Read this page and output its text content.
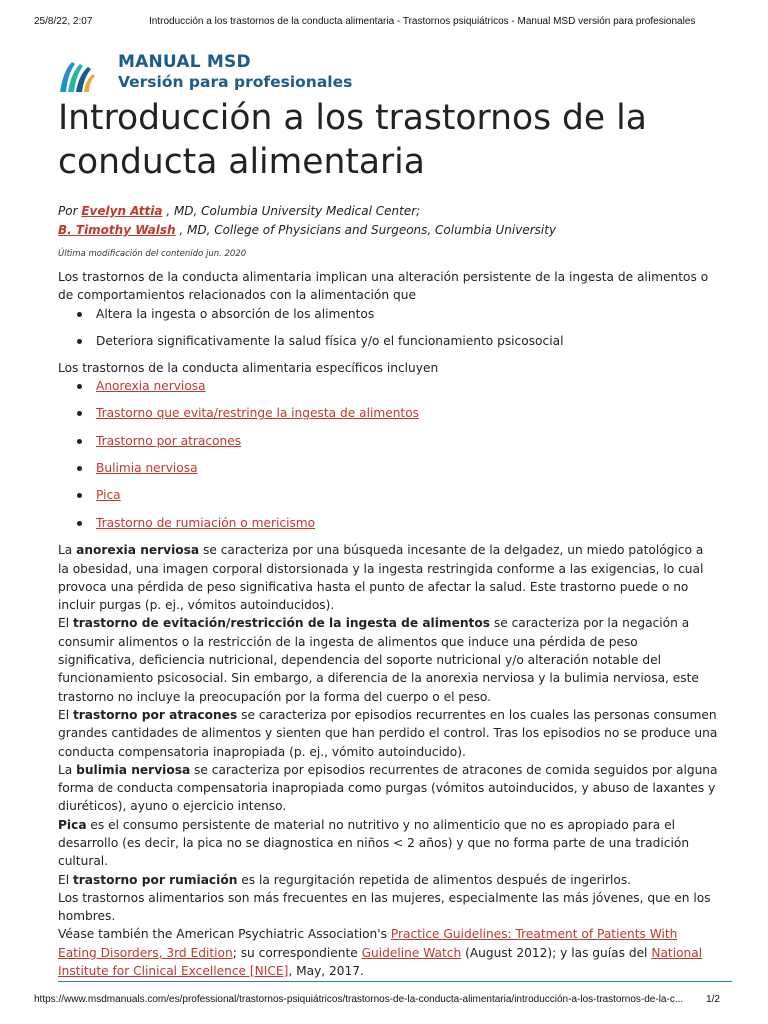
25/8/22, 2:07	Introducción a los trastornos de la conducta alimentaria - Trastornos psiquiátricos - Manual MSD versión para profesionales
MANUAL MSD
Versión para profesionales
Introducción a los trastornos de la conducta alimentaria
Por Evelyn Attia , MD, Columbia University Medical Center;
B. Timothy Walsh , MD, College of Physicians and Surgeons, Columbia University
Última modificación del contenido jun. 2020

Los trastornos de la conducta alimentaria implican una alteración persistente de la ingesta de alimentos o de comportamientos relacionados con la alimentación que

Altera la ingesta o absorción de los alimentos
Deteriora significativamente la salud física y/o el funcionamiento psicosocial

Los trastornos de la conducta alimentaria específicos incluyen

Anorexia nerviosa
Trastorno que evita/restringe la ingesta de alimentos
Trastorno por atracones
Bulimia nerviosa
Pica
Trastorno de rumiación o mericismo

La anorexia nerviosa se caracteriza por una búsqueda incesante de la delgadez, un miedo patológico a la obesidad, una imagen corporal distorsionada y la ingesta restringida conforme a las exigencias, lo cual provoca una pérdida de peso significativa hasta el punto de afectar la salud. Este trastorno puede o no incluir purgas (p. ej., vómitos autoinducidos).

El trastorno de evitación/restricción de la ingesta de alimentos se caracteriza por la negación a consumir alimentos o la restricción de la ingesta de alimentos que induce una pérdida de peso significativa, deficiencia nutricional, dependencia del soporte nutricional y/o alteración notable del funcionamiento psicosocial. Sin embargo, a diferencia de la anorexia nerviosa y la bulimia nerviosa, este trastorno no incluye la preocupación por la forma del cuerpo o el peso.

El trastorno por atracones se caracteriza por episodios recurrentes en los cuales las personas consumen grandes cantidades de alimentos y sienten que han perdido el control. Tras los episodios no se produce una conducta compensatoria inapropiada (p. ej., vómito autoinducido).

La bulimia nerviosa se caracteriza por episodios recurrentes de atracones de comida seguidos por alguna forma de conducta compensatoria inapropiada como purgas (vómitos autoinducidos, y abuso de laxantes y diuréticos), ayuno o ejercicio intenso.

Pica es el consumo persistente de material no nutritivo y no alimenticio que no es apropiado para el desarrollo (es decir, la pica no se diagnostica en niños < 2 años) y que no forma parte de una tradición cultural.

El trastorno por rumiación es la regurgitación repetida de alimentos después de ingerirlos.

Los trastornos alimentarios son más frecuentes en las mujeres, especialmente las más jóvenes, que en los hombres.

Véase también the American Psychiatric Association's Practice Guidelines: Treatment of Patients With Eating Disorders, 3rd Edition; su correspondiente Guideline Watch (August 2012); y las guías del National Institute for Clinical Excellence [NICE], May, 2017.

https://www.msdmanuals.com/es/professional/trastornos-psiquiátricos/trastornos-de-la-conducta-alimentaria/introducción-a-los-trastornos-de-la-c... 1/2
